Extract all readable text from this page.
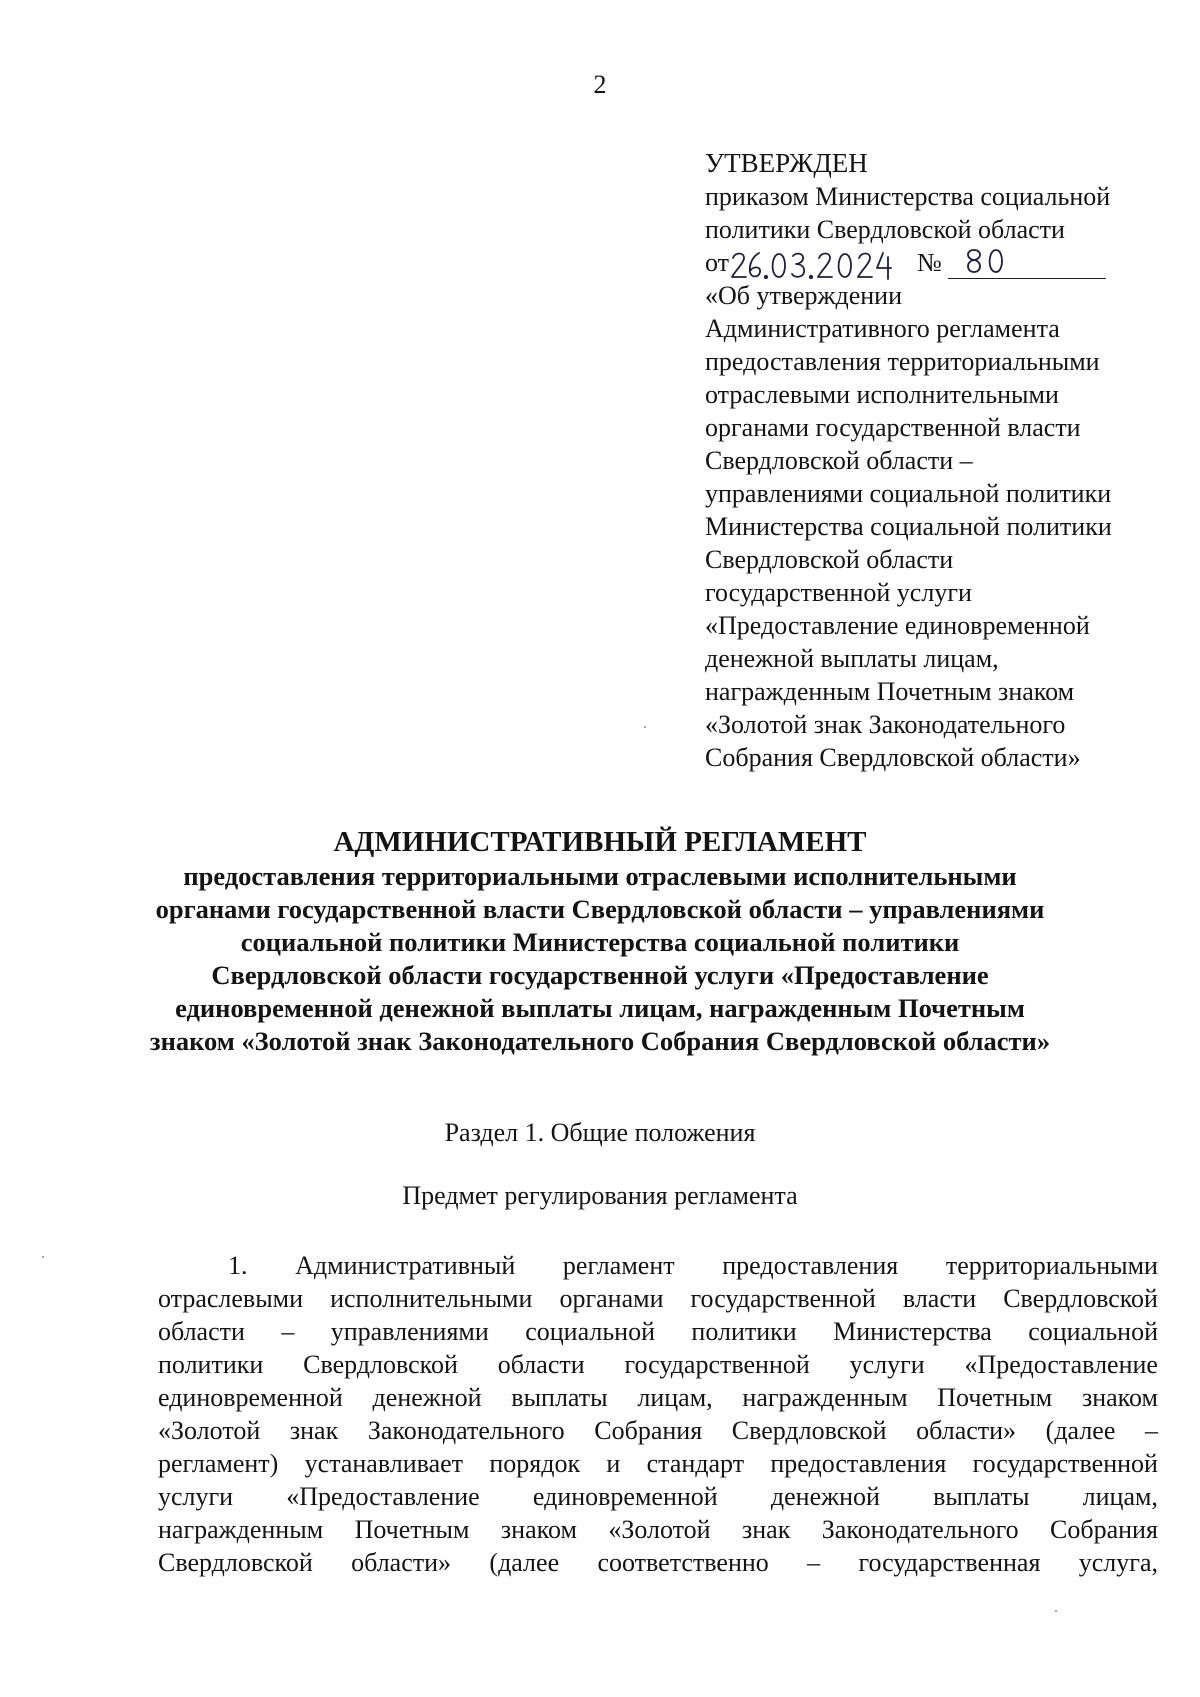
2
УТВЕРЖДЕН
приказом Министерства социальной
политики Свердловской области
от	№
«Об утверждении
Административного регламента
предоставления территориальными
отраслевыми исполнительными
органами государственной власти
Свердловской области –
управлениями социальной политики
Министерства социальной политики
Свердловской области
государственной услуги
«Предоставление единовременной
денежной выплаты лицам,
награжденным Почетным знаком
«Золотой знак Законодательного
Собрания Свердловской области»
АДМИНИСТРАТИВНЫЙ РЕГЛАМЕНТ
предоставления территориальными отраслевыми исполнительными
органами государственной власти Свердловской области – управлениями
социальной политики Министерства социальной политики
Свердловской области государственной услуги «Предоставление
единовременной денежной выплаты лицам, награжденным Почетным
знаком «Золотой знак Законодательного Собрания Свердловской области»
Раздел 1. Общие положения
Предмет регулирования регламента
1. Административный регламент предоставления территориальными
отраслевыми исполнительными органами государственной власти Свердловской
области – управлениями социальной политики Министерства социальной
политики Свердловской области государственной услуги «Предоставление
единовременной денежной выплаты лицам, награжденным Почетным знаком
«Золотой знак Законодательного Собрания Свердловской области» (далее –
регламент) устанавливает порядок и стандарт предоставления государственной
услуги «Предоставление единовременной денежной выплаты лицам,
награжденным Почетным знаком «Золотой знак Законодательного Собрания
Свердловской области» (далее соответственно – государственная услуга,
